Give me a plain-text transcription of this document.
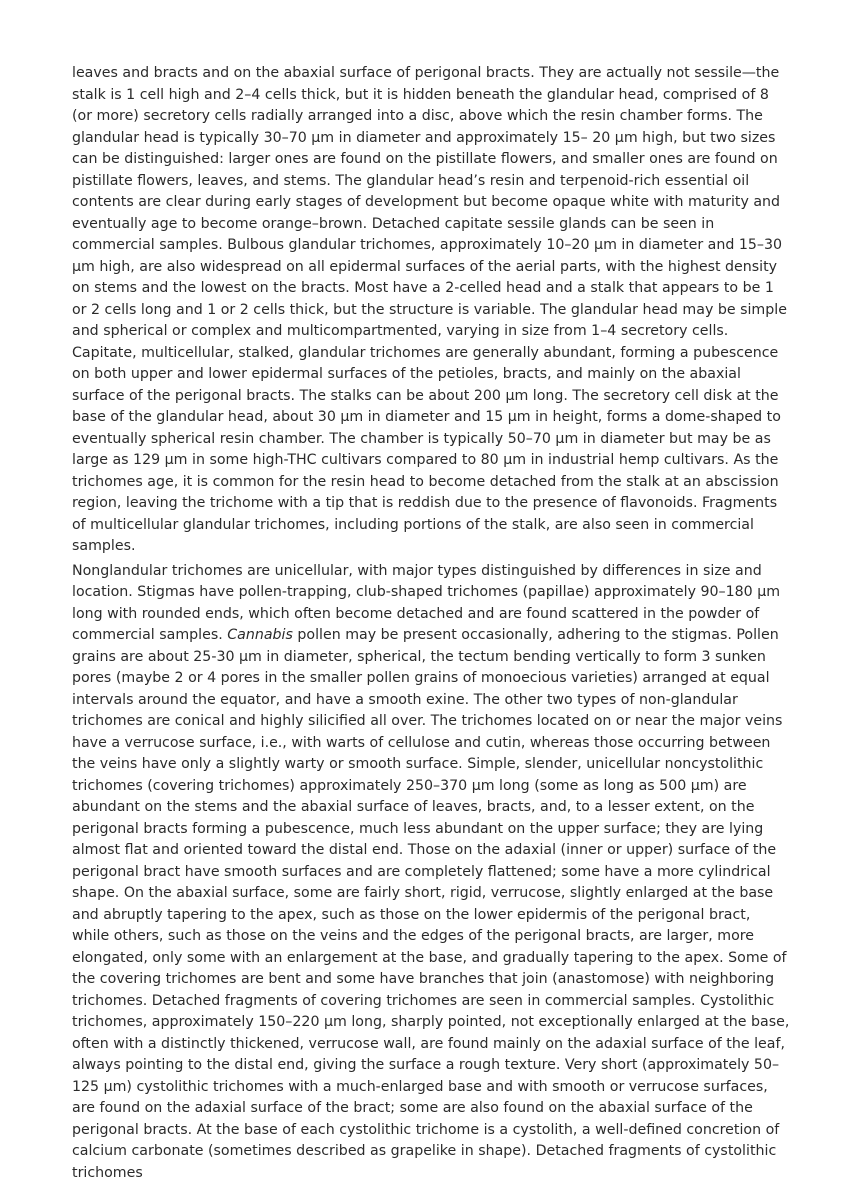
leaves and bracts and on the abaxial surface of perigonal bracts. They are actually not sessile—the stalk is 1 cell high and 2–4 cells thick, but it is hidden beneath the glandular head, comprised of 8 (or more) secretory cells radially arranged into a disc, above which the resin chamber forms. The glandular head is typically 30–70 μm in diameter and approximately 15– 20 μm high, but two sizes can be distinguished: larger ones are found on the pistillate flowers, and smaller ones are found on pistillate flowers, leaves, and stems. The glandular head’s resin and terpenoid-rich essential oil contents are clear during early stages of development but become opaque white with maturity and eventually age to become orange–brown. Detached capitate sessile glands can be seen in commercial samples. Bulbous glandular trichomes, approximately 10–20 μm in diameter and 15–30 μm high, are also widespread on all epidermal surfaces of the aerial parts, with the highest density on stems and the lowest on the bracts. Most have a 2-celled head and a stalk that appears to be 1 or 2 cells long and 1 or 2 cells thick, but the structure is variable. The glandular head may be simple and spherical or complex and multicompartmented, varying in size from 1–4 secretory cells. Capitate, multicellular, stalked, glandular trichomes are generally abundant, forming a pubescence on both upper and lower epidermal surfaces of the petioles, bracts, and mainly on the abaxial surface of the perigonal bracts. The stalks can be about 200 μm long. The secretory cell disk at the base of the glandular head, about 30 μm in diameter and 15 μm in height, forms a dome-shaped to eventually spherical resin chamber. The chamber is typically 50–70 μm in diameter but may be as large as 129 μm in some high-THC cultivars compared to 80 μm in industrial hemp cultivars. As the trichomes age, it is common for the resin head to become detached from the stalk at an abscission region, leaving the trichome with a tip that is reddish due to the presence of flavonoids. Fragments of multicellular glandular trichomes, including portions of the stalk, are also seen in commercial samples.

Nonglandular trichomes are unicellular, with major types distinguished by differences in size and location. Stigmas have pollen-trapping, club-shaped trichomes (papillae) approximately 90–180 μm long with rounded ends, which often become detached and are found scattered in the powder of commercial samples. Cannabis pollen may be present occasionally, adhering to the stigmas. Pollen grains are about 25-30 μm in diameter, spherical, the tectum bending vertically to form 3 sunken pores (maybe 2 or 4 pores in the smaller pollen grains of monoecious varieties) arranged at equal intervals around the equator, and have a smooth exine. The other two types of non-glandular trichomes are conical and highly silicified all over. The trichomes located on or near the major veins have a verrucose surface, i.e., with warts of cellulose and cutin, whereas those occurring between the veins have only a slightly warty or smooth surface. Simple, slender, unicellular noncystolithic trichomes (covering trichomes) approximately 250–370 μm long (some as long as 500 μm) are abundant on the stems and the abaxial surface of leaves, bracts, and, to a lesser extent, on the perigonal bracts forming a pubescence, much less abundant on the upper surface; they are lying almost flat and oriented toward the distal end. Those on the adaxial (inner or upper) surface of the perigonal bract have smooth surfaces and are completely flattened; some have a more cylindrical shape. On the abaxial surface, some are fairly short, rigid, verrucose, slightly enlarged at the base and abruptly tapering to the apex, such as those on the lower epidermis of the perigonal bract, while others, such as those on the veins and the edges of the perigonal bracts, are larger, more elongated, only some with an enlargement at the base, and gradually tapering to the apex. Some of the covering trichomes are bent and some have branches that join (anastomose) with neighboring trichomes. Detached fragments of covering trichomes are seen in commercial samples. Cystolithic trichomes, approximately 150–220 μm long, sharply pointed, not exceptionally enlarged at the base, often with a distinctly thickened, verrucose wall, are found mainly on the adaxial surface of the leaf, always pointing to the distal end, giving the surface a rough texture. Very short (approximately 50–125 μm) cystolithic trichomes with a much-enlarged base and with smooth or verrucose surfaces, are found on the adaxial surface of the bract; some are also found on the abaxial surface of the perigonal bracts. At the base of each cystolithic trichome is a cystolith, a well-defined concretion of calcium carbonate (sometimes described as grapelike in shape). Detached fragments of cystolithic trichomes
